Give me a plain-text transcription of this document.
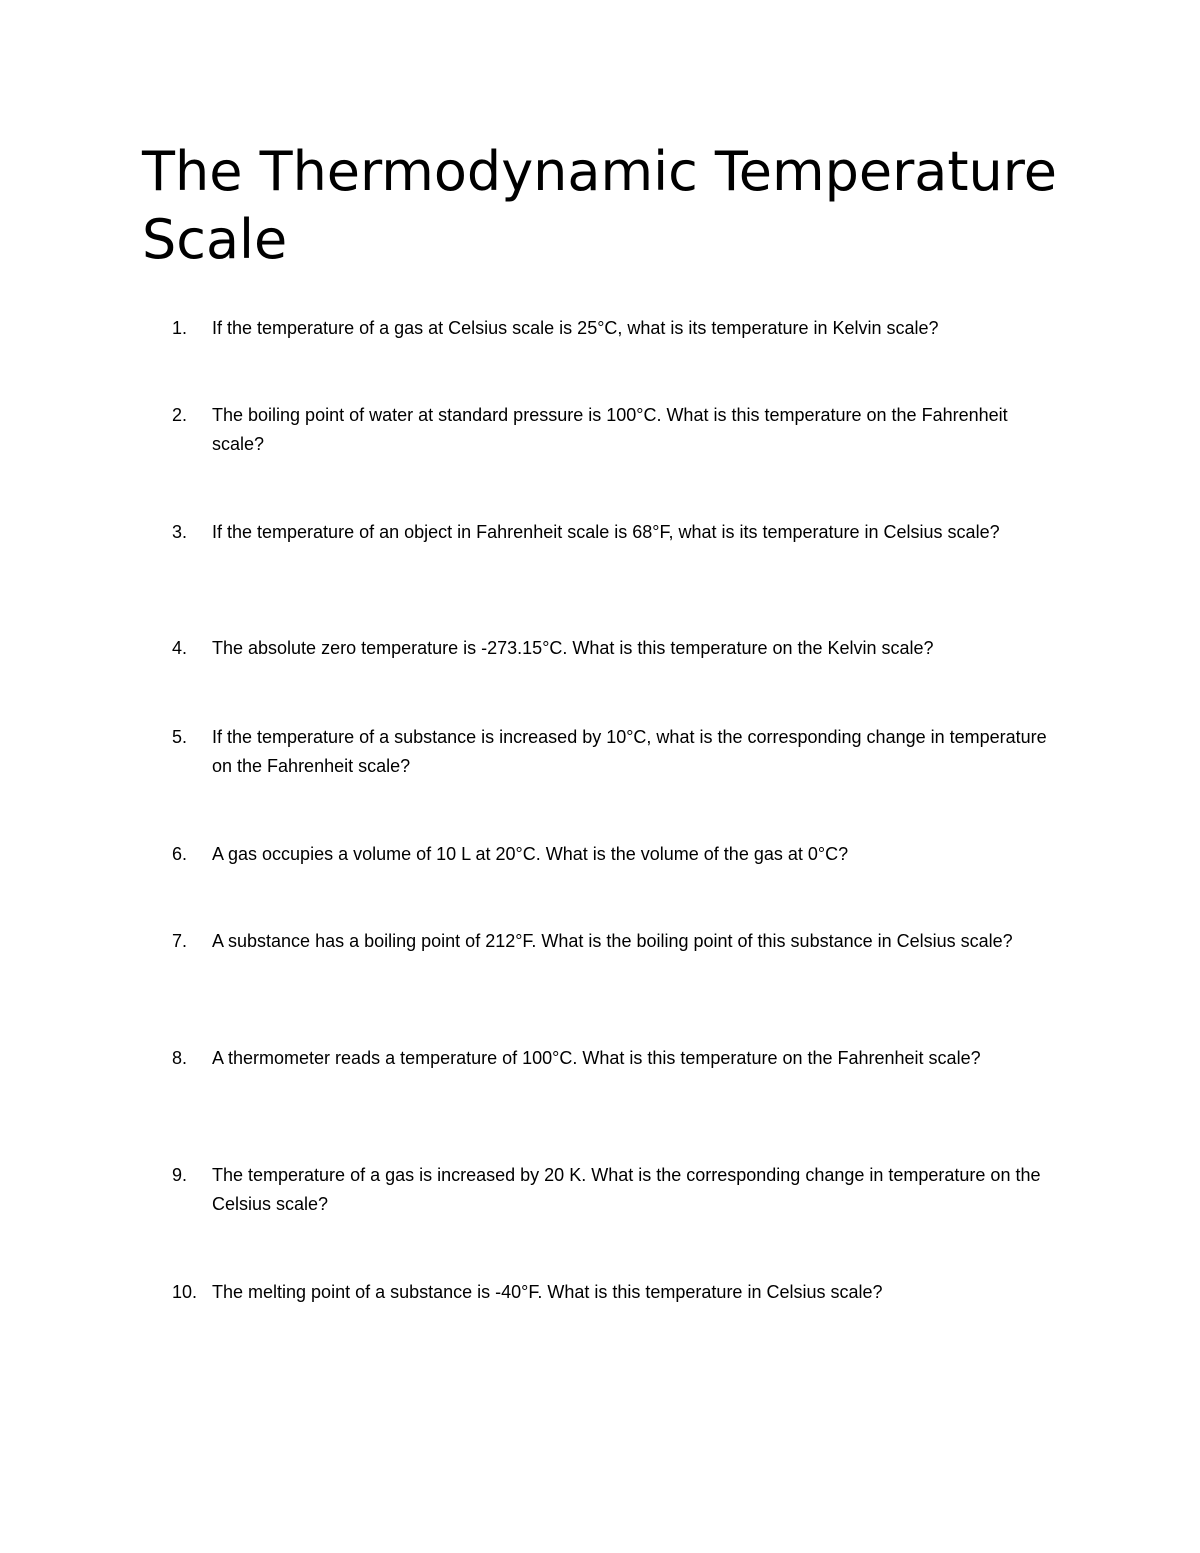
The Thermodynamic Temperature Scale
1.	If the temperature of a gas at Celsius scale is 25°C, what is its temperature in Kelvin scale?
2.	The boiling point of water at standard pressure is 100°C. What is this temperature on the Fahrenheit scale?
3.	If the temperature of an object in Fahrenheit scale is 68°F, what is its temperature in Celsius scale?
4.	The absolute zero temperature is -273.15°C. What is this temperature on the Kelvin scale?
5.	If the temperature of a substance is increased by 10°C, what is the corresponding change in temperature on the Fahrenheit scale?
6.	A gas occupies a volume of 10 L at 20°C. What is the volume of the gas at 0°C?
7.	A substance has a boiling point of 212°F. What is the boiling point of this substance in Celsius scale?
8.	A thermometer reads a temperature of 100°C. What is this temperature on the Fahrenheit scale?
9.	The temperature of a gas is increased by 20 K. What is the corresponding change in temperature on the Celsius scale?
10. The melting point of a substance is -40°F. What is this temperature in Celsius scale?
